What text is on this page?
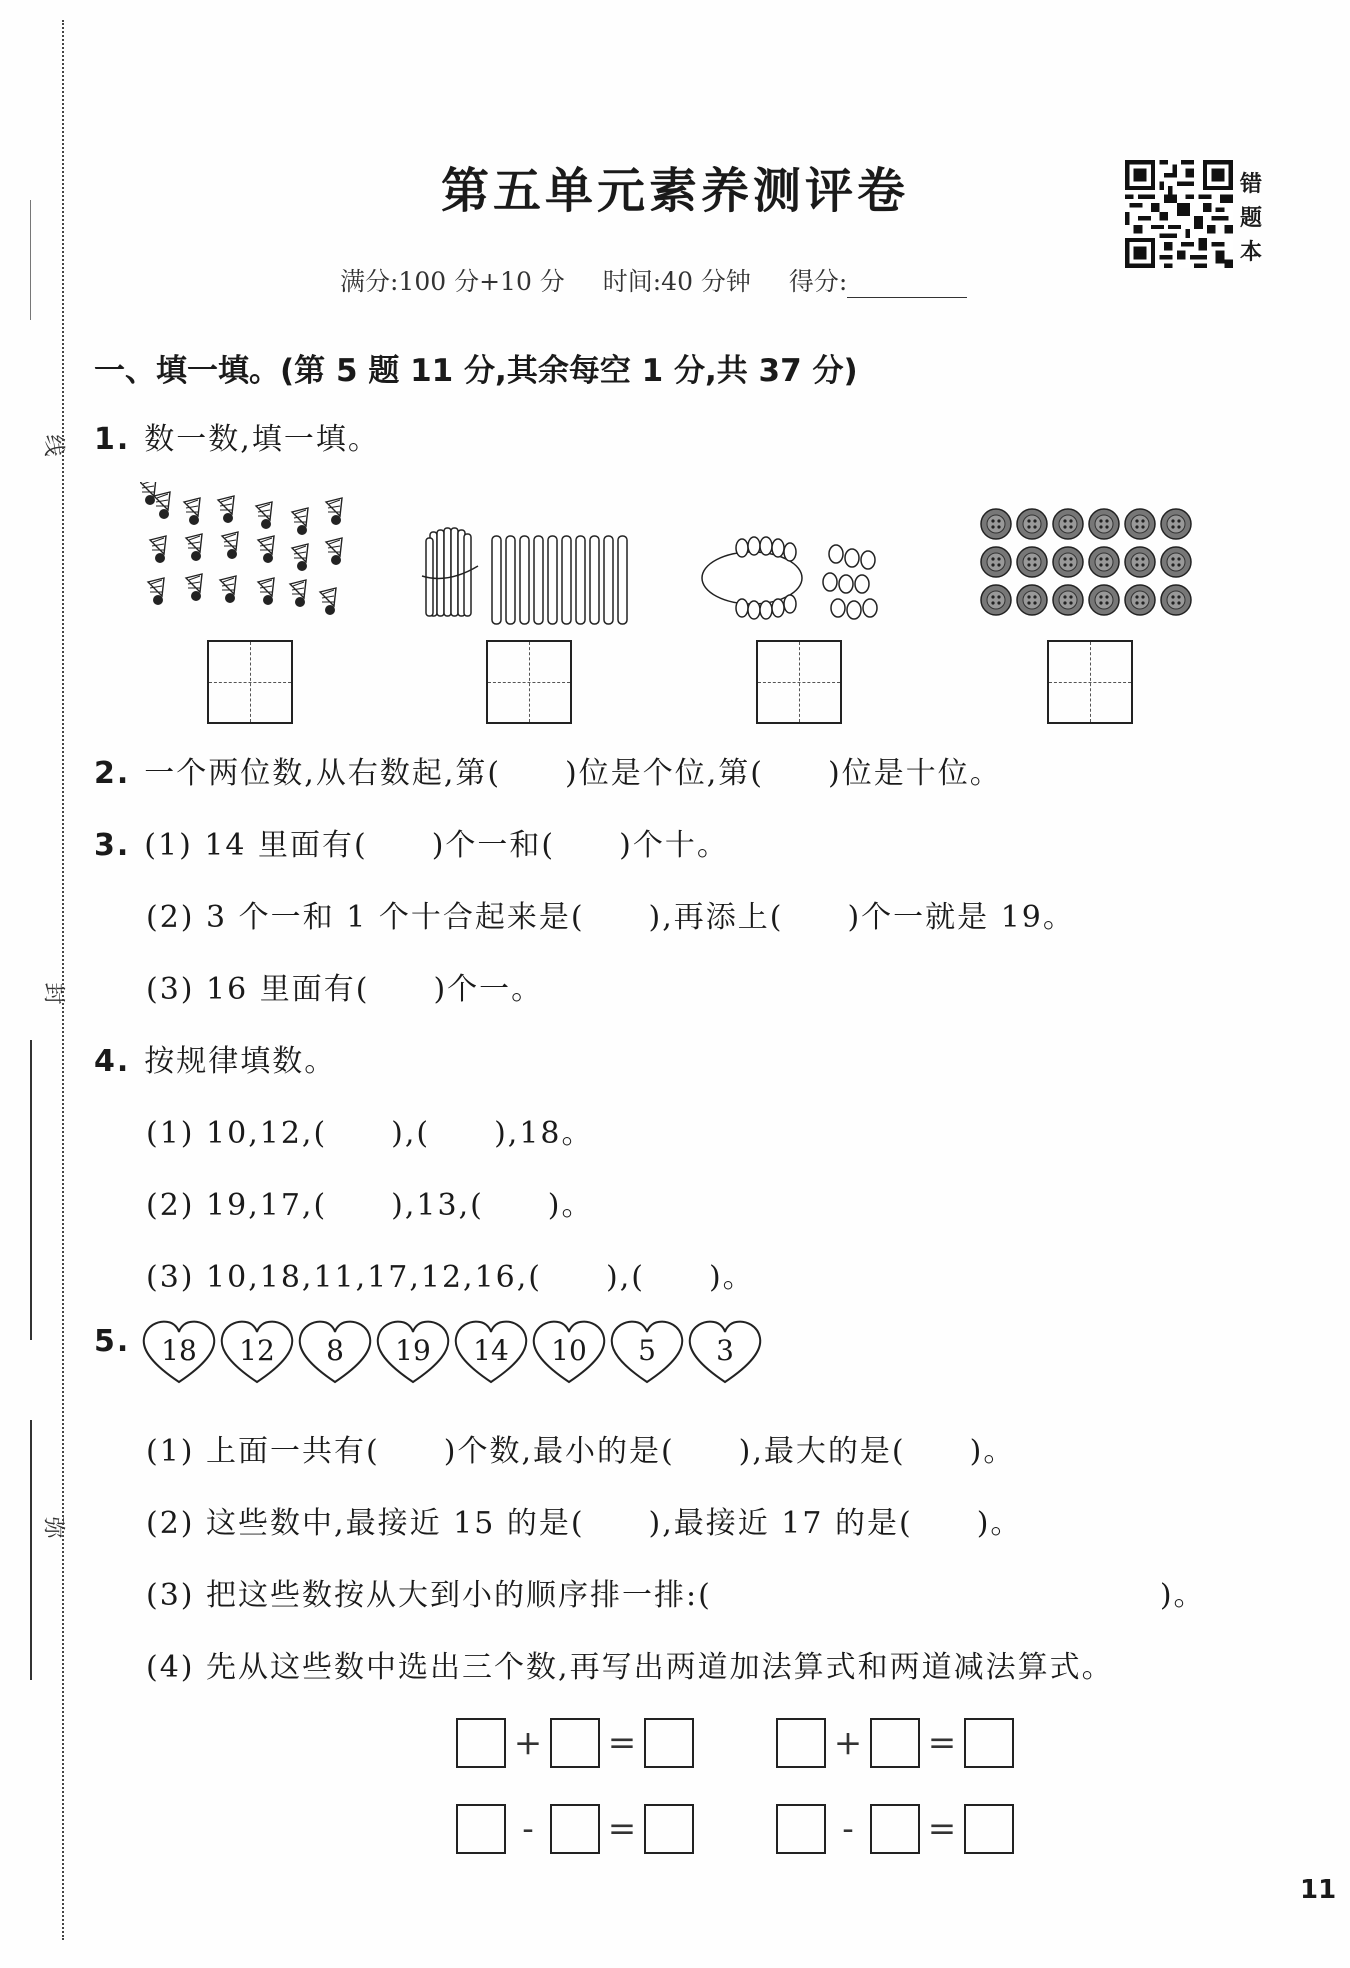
线
封
弥
第五单元素养测评卷	错
题
本
满分:100 分+10 分 时间:40 分钟 得分:
一、填一填。(第 5 题 11 分,其余每空 1 分,共 37 分)
1. 数一数,填一填。
2. 一个两位数,从右数起,第(　　)位是个位,第(　　)位是十位。
3. (1) 14 里面有(　　)个一和(　　)个十。
(2) 3 个一和 1 个十合起来是(　　),再添上(　　)个一就是 19。
(3) 16 里面有(　　)个一。
4. 按规律填数。
(1) 10,12,(　　),(　　),18。
(2) 19,17,(　　),13,(　　)。
(3) 10,18,11,17,12,16,(　　),(　　)。
5.	18	12	8	19	14	10	5	3
(1) 上面一共有(　　)个数,最小的是(　　),最大的是(　　)。
(2) 这些数中,最接近 15 的是(　　),最接近 17 的是(　　)。
(3) 把这些数按从大到小的顺序排一排:(　　　　　　　　　　　　　　)。
(4) 先从这些数中选出三个数,再写出两道加法算式和两道减法算式。
+ =	+ =
-	=	-	=
11
